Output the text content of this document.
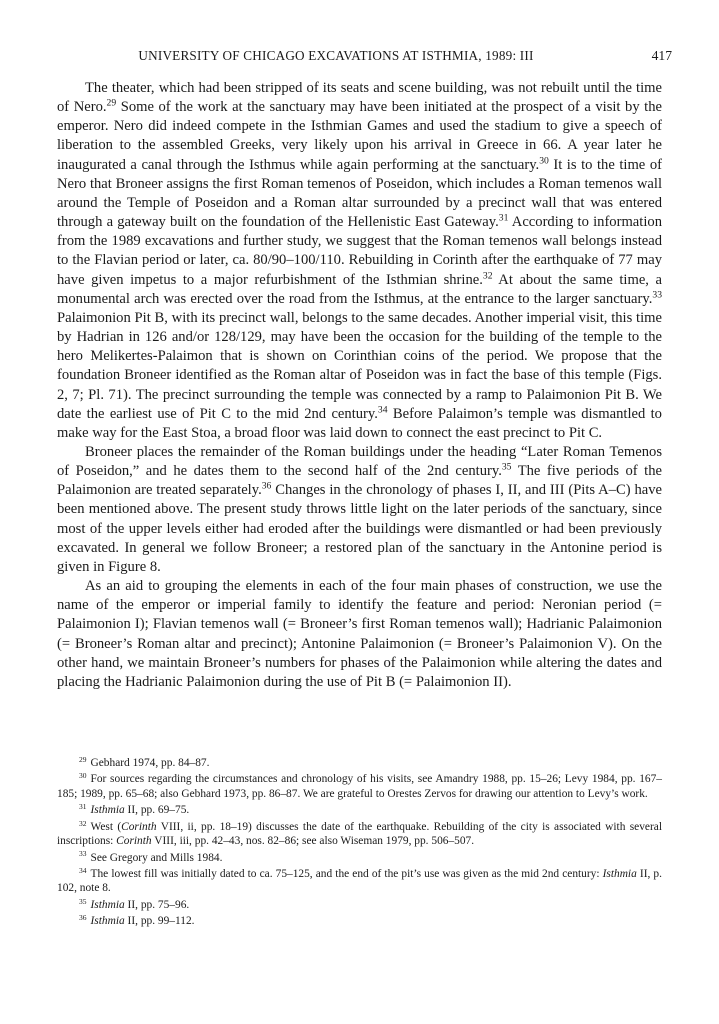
UNIVERSITY OF CHICAGO EXCAVATIONS AT ISTHMIA, 1989: III	417

The theater, which had been stripped of its seats and scene building, was not rebuilt until the time of Nero.$^{29}$ Some of the work at the sanctuary may have been initiated at the prospect of a visit by the emperor. Nero did indeed compete in the Isthmian Games and used the stadium to give a speech of liberation to the assembled Greeks, very likely upon his arrival in Greece in 66. A year later he inaugurated a canal through the Isthmus while again performing at the sanctuary.$^{30}$ It is to the time of Nero that Broneer assigns the first Roman temenos of Poseidon, which includes a Roman temenos wall around the Temple of Poseidon and a Roman altar surrounded by a precinct wall that was entered through a gateway built on the foundation of the Hellenistic East Gateway.$^{31}$ According to information from the 1989 excavations and further study, we suggest that the Roman temenos wall belongs instead to the Flavian period or later, ca. 80/90–100/110. Rebuilding in Corinth after the earthquake of 77 may have given impetus to a major refurbishment of the Isthmian shrine.$^{32}$ At about the same time, a monumental arch was erected over the road from the Isthmus, at the entrance to the larger sanctuary.$^{33}$ Palaimonion Pit B, with its precinct wall, belongs to the same decades. Another imperial visit, this time by Hadrian in 126 and/or 128/129, may have been the occasion for the building of the temple to the hero Melikertes-Palaimon that is shown on Corinthian coins of the period. We propose that the foundation Broneer identified as the Roman altar of Poseidon was in fact the base of this temple (Figs. 2, 7; Pl. 71). The precinct surrounding the temple was connected by a ramp to Palaimonion Pit B. We date the earliest use of Pit C to the mid 2nd century.$^{34}$ Before Palaimon’s temple was dismantled to make way for the East Stoa, a broad floor was laid down to connect the east precinct to Pit C.

Broneer places the remainder of the Roman buildings under the heading “Later Roman Temenos of Poseidon,” and he dates them to the second half of the 2nd century.$^{35}$ The five periods of the Palaimonion are treated separately.$^{36}$ Changes in the chronology of phases I, II, and III (Pits A–C) have been mentioned above. The present study throws little light on the later periods of the sanctuary, since most of the upper levels either had eroded after the buildings were dismantled or had been previously excavated. In general we follow Broneer; a restored plan of the sanctuary in the Antonine period is given in Figure 8.

As an aid to grouping the elements in each of the four main phases of construction, we use the name of the emperor or imperial family to identify the feature and period: Neronian period (= Palaimonion I); Flavian temenos wall (= Broneer’s first Roman temenos wall); Hadrianic Palaimonion (= Broneer’s Roman altar and precinct); Antonine Palaimonion (= Broneer’s Palaimonion V). On the other hand, we maintain Broneer’s numbers for phases of the Palaimonion while altering the dates and placing the Hadrianic Palaimonion during the use of Pit B (= Palaimonion II).

$^{29}$ Gebhard 1974, pp. 84–87.

$^{30}$ For sources regarding the circumstances and chronology of his visits, see Amandry 1988, pp. 15–26; Levy 1984, pp. 167–185; 1989, pp. 65–68; also Gebhard 1973, pp. 86–87. We are grateful to Orestes Zervos for drawing our attention to Levy’s work.

$^{31}$ Isthmia II, pp. 69–75.

$^{32}$ West (Corinth VIII, ii, pp. 18–19) discusses the date of the earthquake. Rebuilding of the city is associated with several inscriptions: Corinth VIII, iii, pp. 42–43, nos. 82–86; see also Wiseman 1979, pp. 506–507.

$^{33}$ See Gregory and Mills 1984.

$^{34}$ The lowest fill was initially dated to ca. 75–125, and the end of the pit’s use was given as the mid 2nd century: Isthmia II, p. 102, note 8.

$^{35}$ Isthmia II, pp. 75–96.

$^{36}$ Isthmia II, pp. 99–112.
